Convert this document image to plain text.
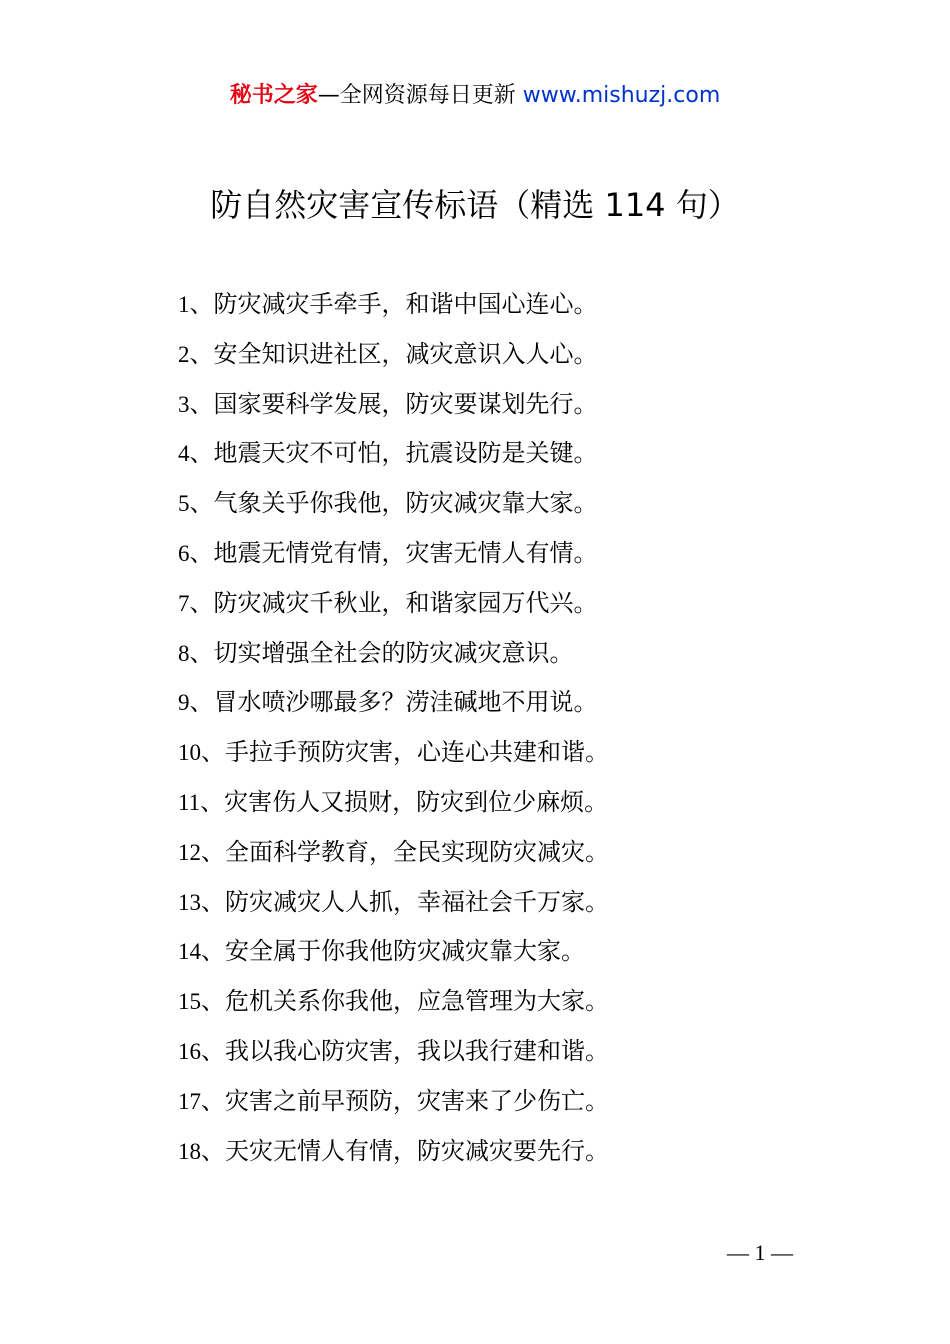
秘书之家—全网资源每日更新 www.mishuzj.com
防自然灾害宣传标语（精选 114 句）
1、防灾减灾手牵手，和谐中国心连心。
2、安全知识进社区，减灾意识入人心。
3、国家要科学发展，防灾要谋划先行。
4、地震天灾不可怕，抗震设防是关键。
5、气象关乎你我他，防灾减灾靠大家。
6、地震无情党有情，灾害无情人有情。
7、防灾减灾千秋业，和谐家园万代兴。
8、切实增强全社会的防灾减灾意识。
9、冒水喷沙哪最多？涝洼碱地不用说。
10、手拉手预防灾害，心连心共建和谐。
11、灾害伤人又损财，防灾到位少麻烦。
12、全面科学教育，全民实现防灾减灾。
13、防灾减灾人人抓，幸福社会千万家。
14、安全属于你我他防灾减灾靠大家。
15、危机关系你我他，应急管理为大家。
16、我以我心防灾害，我以我行建和谐。
17、灾害之前早预防，灾害来了少伤亡。
18、天灾无情人有情，防灾减灾要先行。
— 1 —
